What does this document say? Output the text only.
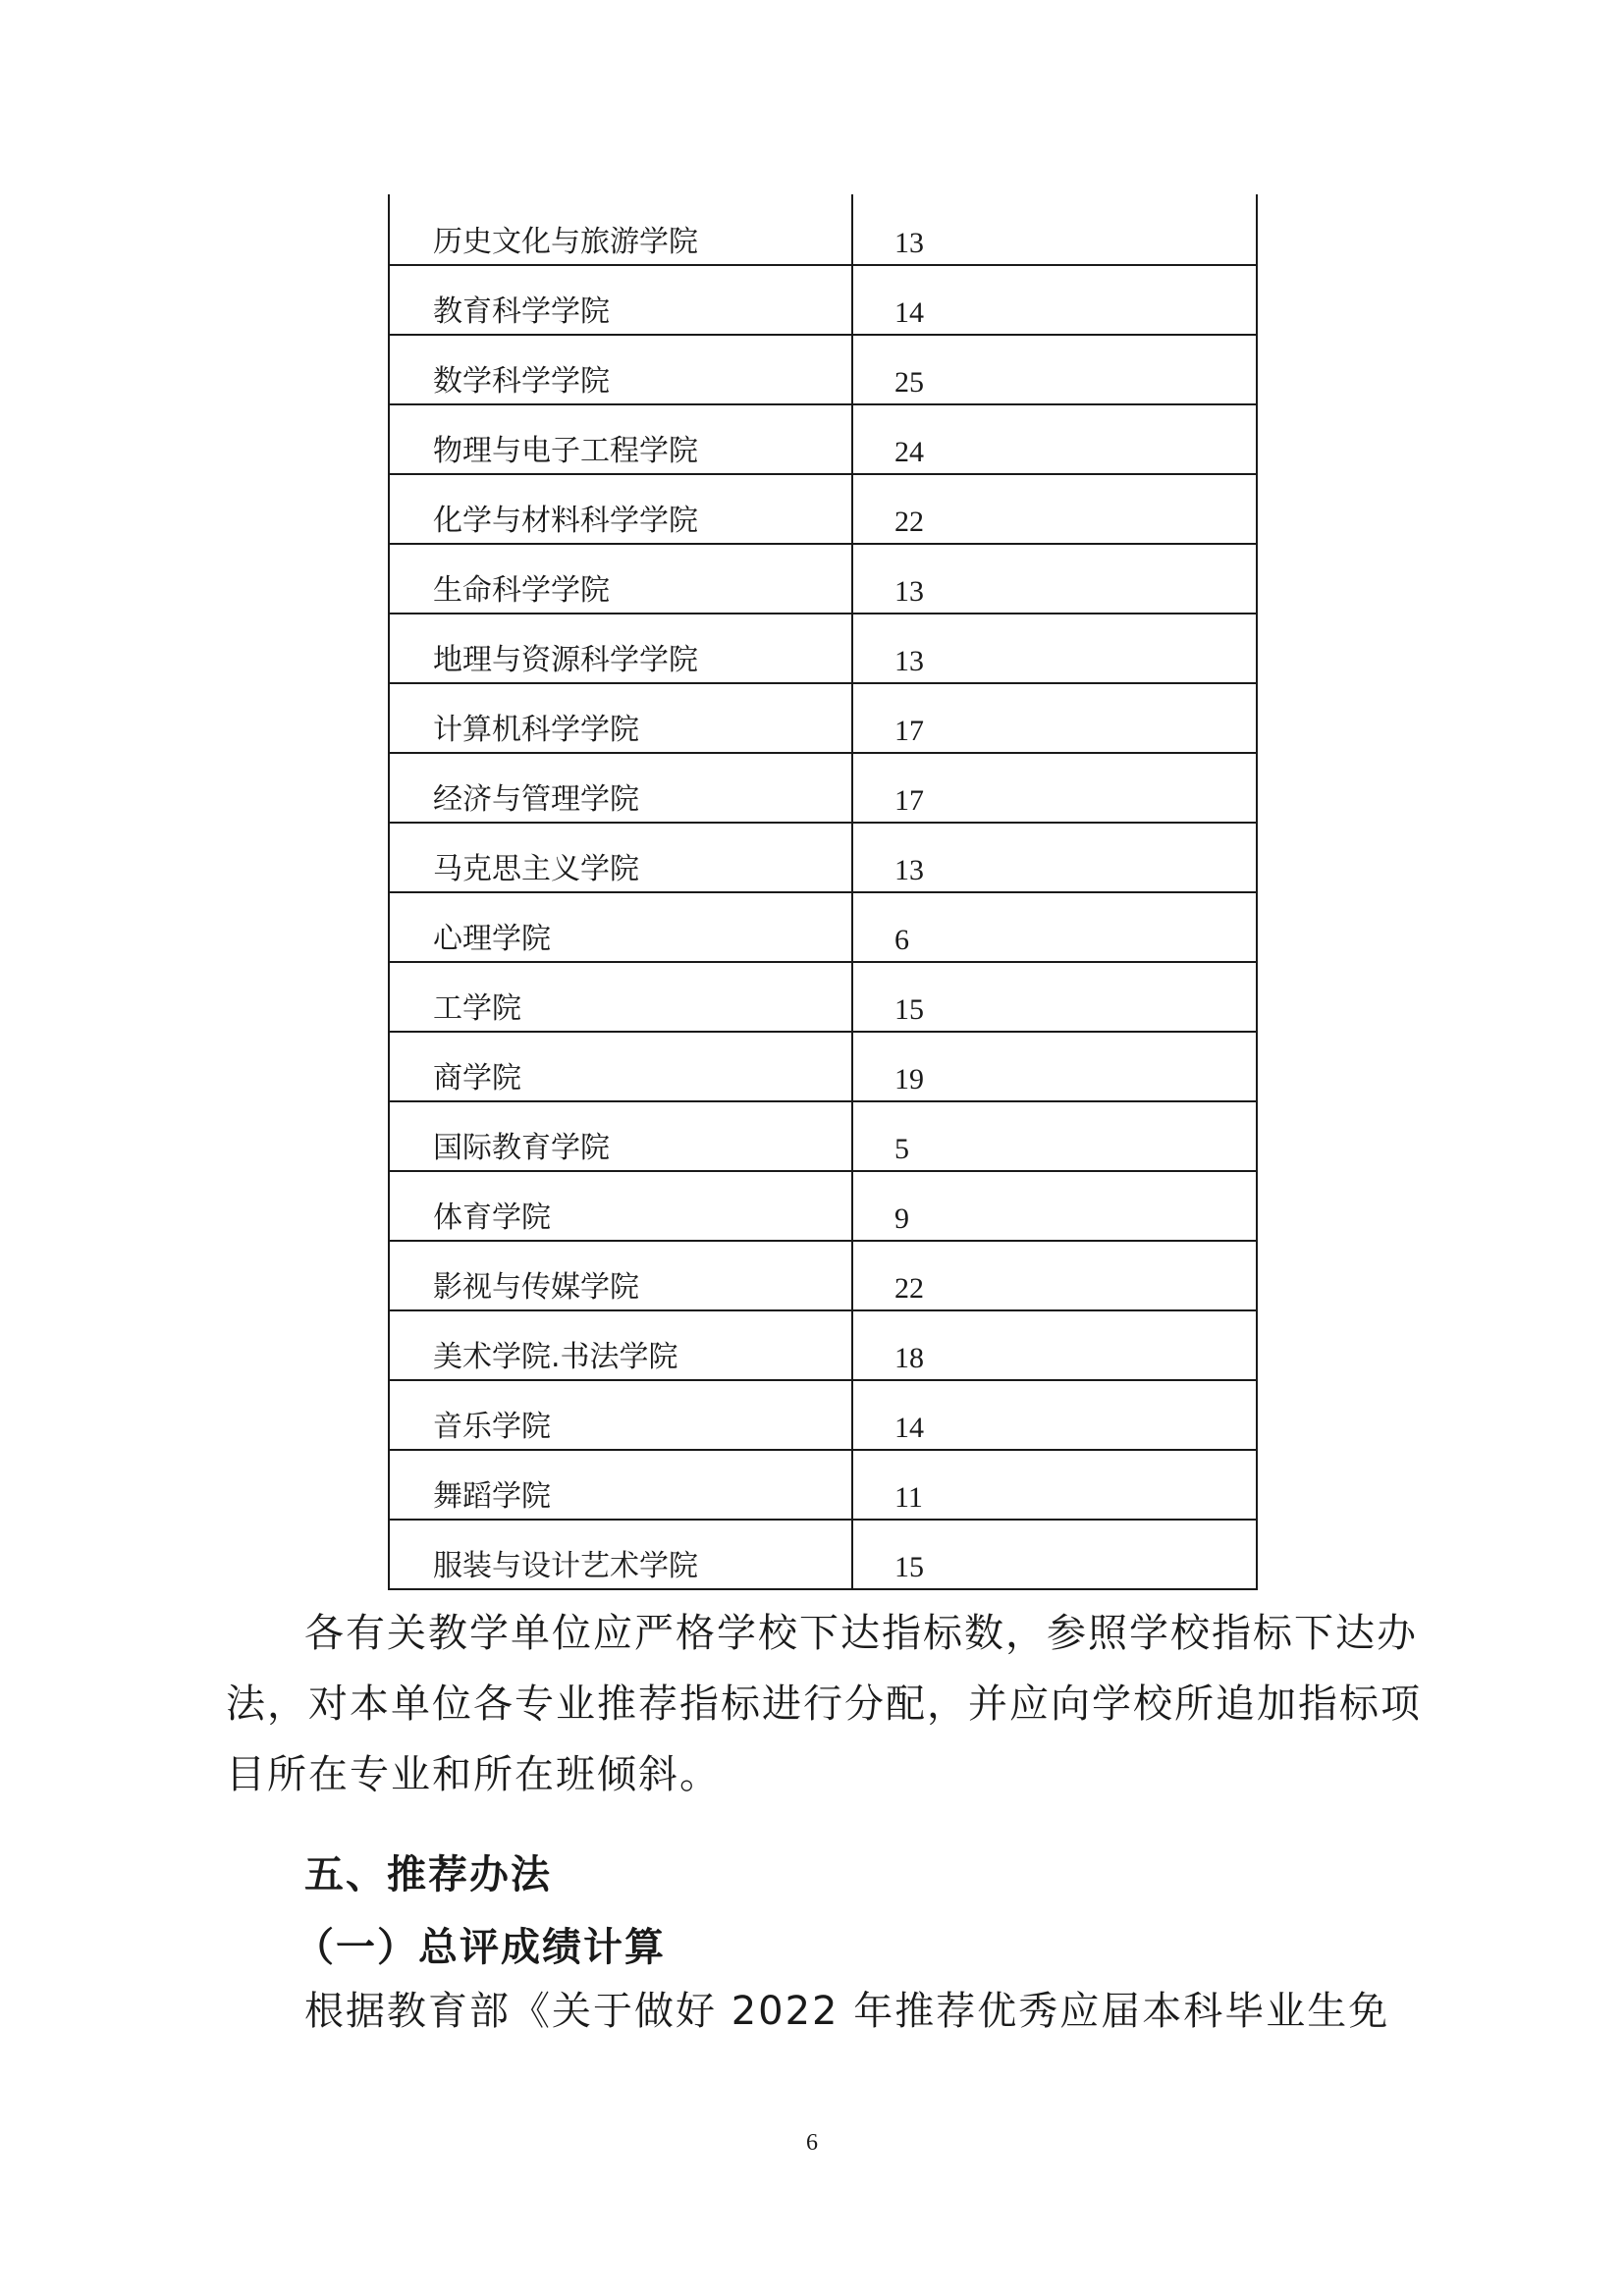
历史文化与旅游学院	13
教育科学学院	14
数学科学学院	25
物理与电子工程学院	24
化学与材料科学学院	22
生命科学学院	13
地理与资源科学学院	13
计算机科学学院	17
经济与管理学院	17
马克思主义学院	13
心理学院	6
工学院	15
商学院	19
国际教育学院	5
体育学院	9
影视与传媒学院	22
美术学院.书法学院	18
音乐学院	14
舞蹈学院	11
服装与设计艺术学院	15
各有关教学单位应严格学校下达指标数，参照学校指标下达办法，对本单位各专业推荐指标进行分配，并应向学校所追加指标项目所在专业和所在班倾斜。
五、推荐办法
（一）总评成绩计算
根据教育部《关于做好 2022 年推荐优秀应届本科毕业生免
6
